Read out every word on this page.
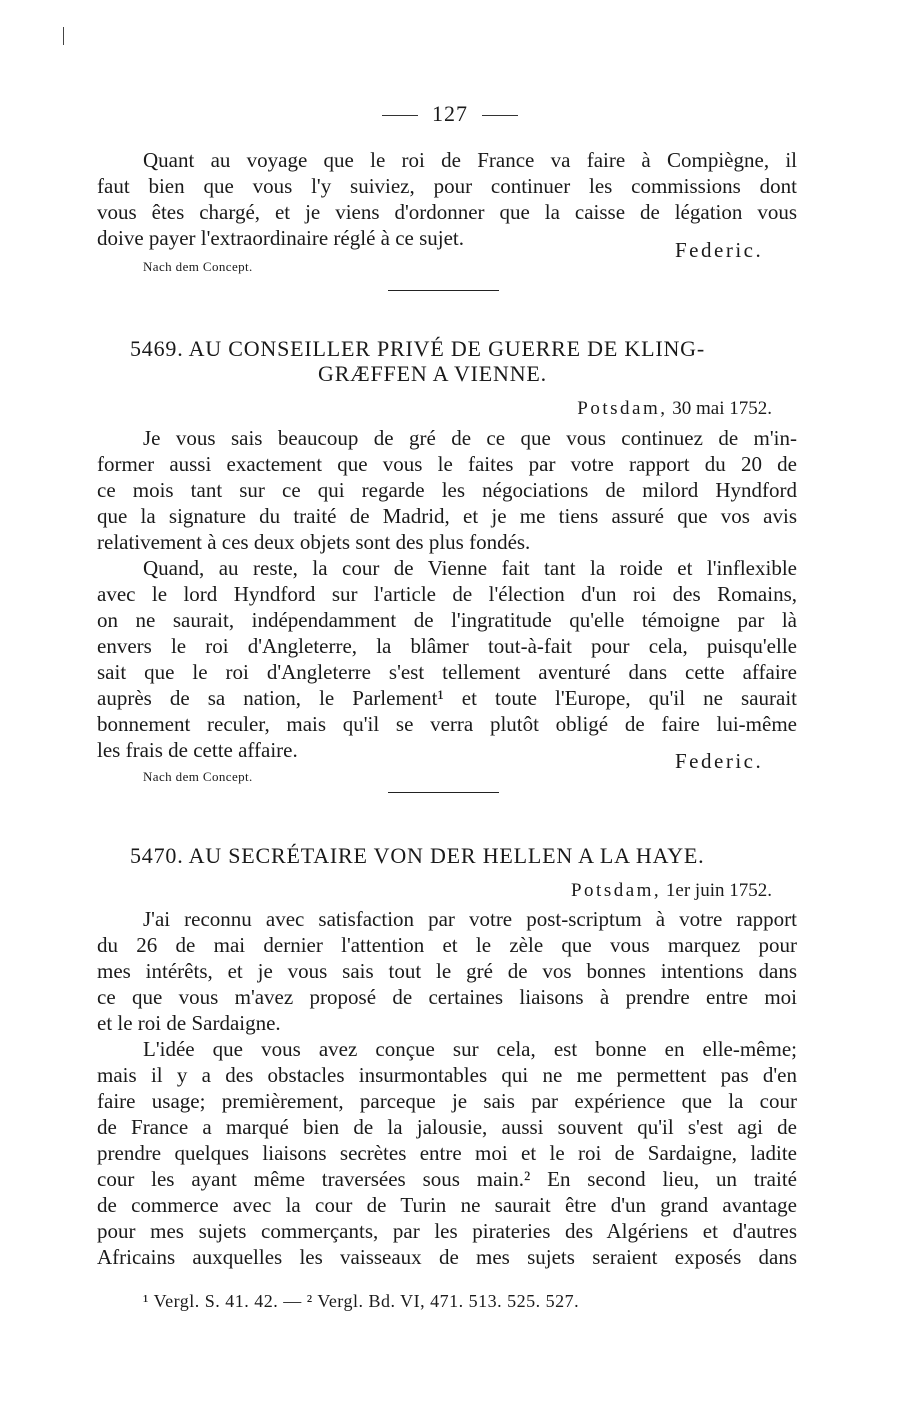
127
Quant au voyage que le roi de France va faire à Compiègne, il
faut bien que vous l'y suiviez, pour continuer les commissions dont
vous êtes chargé, et je viens d'ordonner que la caisse de légation vous
doive payer l'extraordinaire réglé à ce sujet.	Federic.
Nach dem Concept.
5469. AU CONSEILLER PRIVÉ DE GUERRE DE KLING-
GRÆFFEN A VIENNE.
Potsdam, 30 mai 1752.
Je vous sais beaucoup de gré de ce que vous continuez de m'in-
former aussi exactement que vous le faites par votre rapport du 20 de
ce mois tant sur ce qui regarde les négociations de milord Hyndford
que la signature du traité de Madrid, et je me tiens assuré que vos avis
relativement à ces deux objets sont des plus fondés.
Quand, au reste, la cour de Vienne fait tant la roide et l'inflexible
avec le lord Hyndford sur l'article de l'élection d'un roi des Romains,
on ne saurait, indépendamment de l'ingratitude qu'elle témoigne par là
envers le roi d'Angleterre, la blâmer tout-à-fait pour cela, puisqu'elle
sait que le roi d'Angleterre s'est tellement aventuré dans cette affaire
auprès de sa nation, le Parlement¹ et toute l'Europe, qu'il ne saurait
bonnement reculer, mais qu'il se verra plutôt obligé de faire lui-même
les frais de cette affaire.	Federic.
Nach dem Concept.
5470. AU SECRÉTAIRE VON DER HELLEN A LA HAYE.
Potsdam, 1er juin 1752.
J'ai reconnu avec satisfaction par votre post-scriptum à votre rapport
du 26 de mai dernier l'attention et le zèle que vous marquez pour
mes intérêts, et je vous sais tout le gré de vos bonnes intentions dans
ce que vous m'avez proposé de certaines liaisons à prendre entre moi
et le roi de Sardaigne.
L'idée que vous avez conçue sur cela, est bonne en elle-même;
mais il y a des obstacles insurmontables qui ne me permettent pas d'en
faire usage; premièrement, parceque je sais par expérience que la cour
de France a marqué bien de la jalousie, aussi souvent qu'il s'est agi de
prendre quelques liaisons secrètes entre moi et le roi de Sardaigne, ladite
cour les ayant même traversées sous main.² En second lieu, un traité
de commerce avec la cour de Turin ne saurait être d'un grand avantage
pour mes sujets commerçants, par les pirateries des Algériens et d'autres
Africains auxquelles les vaisseaux de mes sujets seraient exposés dans
¹ Vergl. S. 41. 42. — ² Vergl. Bd. VI, 471. 513. 525. 527.
